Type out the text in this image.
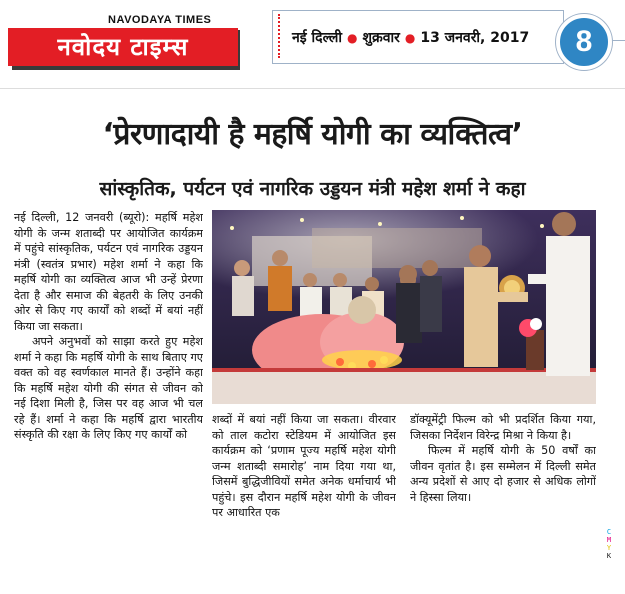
NAVODAYA TIMES
नवोदय टाइम्स	नई दिल्ली ● शुक्रवार ● 13 जनवरी, 2017	8
‘प्रेरणादायी है महर्षि योगी का व्यक्तित्व’
सांस्कृतिक, पर्यटन एवं नागरिक उड्डयन मंत्री महेश शर्मा ने कहा

नई दिल्ली, 12 जनवरी (ब्यूरो): महर्षि महेश योगी के जन्म शताब्दी पर आयोजित कार्यक्रम में पहुंचे सांस्कृतिक, पर्यटन एवं नागरिक उड्डयन मंत्री (स्वतंत्र प्रभार) महेश शर्मा ने कहा कि महर्षि योगी का व्यक्तित्व आज भी उन्हें प्रेरणा देता है और समाज की बेहतरी के लिए उनकी ओर से किए गए कार्यों को शब्दों में बयां नहीं किया जा सकता।

अपने अनुभवों को साझा करते हुए महेश शर्मा ने कहा कि महर्षि योगी के साथ बिताए गए वक्त को वह स्वर्णकाल मानते हैं। उन्होंने कहा कि महर्षि महेश योगी की संगत से जीवन को नई दिशा मिली है, जिस पर वह आज भी चल रहे हैं। शर्मा ने कहा कि महर्षि द्वारा भारतीय संस्कृति की रक्षा के लिए किए गए कार्यों को

शब्दों में बयां नहीं किया जा सकता। वीरवार को ताल कटोरा स्टेडियम में आयोजित इस कार्यक्रम को ‘प्रणाम पूज्य महर्षि महेश योगी जन्म शताब्दी समारोह’ नाम दिया गया था, जिसमें बुद्धिजीवियों समेत अनेक धर्माचार्य भी पहुंचे। इस दौरान महर्षि महेश योगी के जीवन पर आधारित एक

डॉक्यूमेंट्री फिल्म को भी प्रदर्शित किया गया, जिसका निर्देशन विरेन्द्र मिश्रा ने किया है।

फिल्म में महर्षि योगी के 50 वर्षों का जीवन वृतांत है। इस सम्मेलन में दिल्ली समेत अन्य प्रदेशों से आए दो हजार से अधिक लोगों ने हिस्सा लिया।

C
M
Y
K
